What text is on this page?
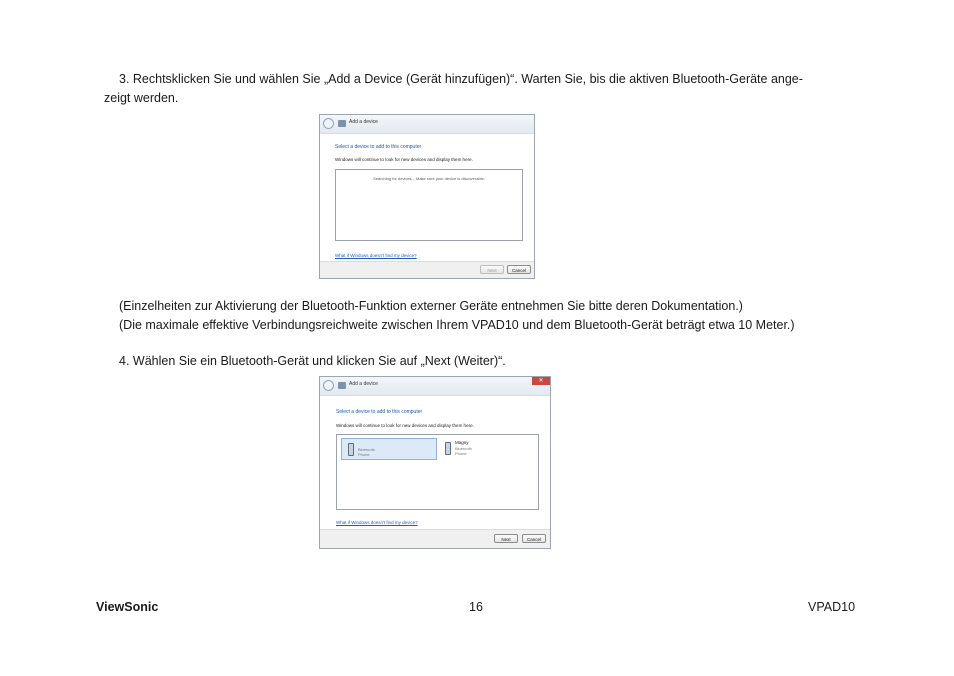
3. Rechtsklicken Sie und wählen Sie „Add a Device (Gerät hinzufügen)“. Warten Sie, bis die aktiven Bluetooth-Geräte ange-
zeigt werden.
Add a device
Select a device to add to this computer
Windows will continue to look for new devices and display them here.
Searching for devices... Make sure your device is discoverable.
What if Windows doesn't find my device?
Next	Cancel
(Einzelheiten zur Aktivierung der Bluetooth-Funktion externer Geräte entnehmen Sie bitte deren Dokumentation.)
(Die maximale effektive Verbindungsreichweite zwischen Ihrem VPAD10 und dem Bluetooth-Gerät beträgt etwa 10 Meter.)
4. Wählen Sie ein Bluetooth-Gerät und klicken Sie auf „Next (Weiter)“.
Add a device	✕
Select a device to add to this computer
Windows will continue to look for new devices and display them here.
Bluetooth
Phone
Magny
Bluetooth
Phone
What if Windows doesn't find my device?
Next	Cancel
ViewSonic	16	VPAD10
